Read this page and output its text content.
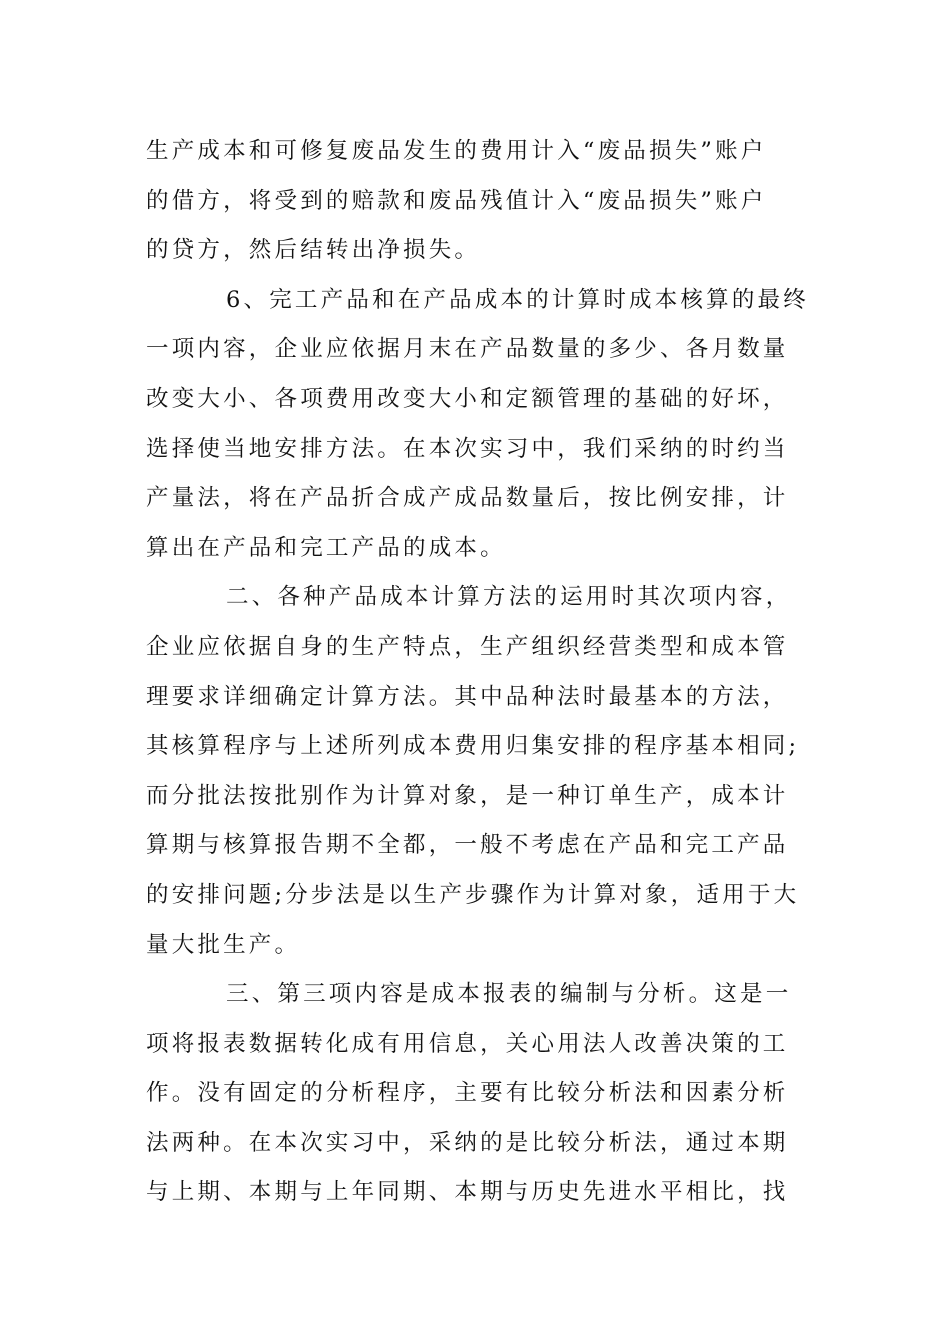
生产成本和可修复废品发生的费用计入“废品损失”账户
的借方，将受到的赔款和废品残值计入“废品损失”账户
的贷方，然后结转出净损失。
6、完工产品和在产品成本的计算时成本核算的最终
一项内容，企业应依据月末在产品数量的多少、各月数量
改变大小、各项费用改变大小和定额管理的基础的好坏，
选择使当地安排方法。在本次实习中，我们采纳的时约当
产量法，将在产品折合成产成品数量后，按比例安排，计
算出在产品和完工产品的成本。
二、各种产品成本计算方法的运用时其次项内容，
企业应依据自身的生产特点，生产组织经营类型和成本管
理要求详细确定计算方法。其中品种法时最基本的方法，
其核算程序与上述所列成本费用归集安排的程序基本相同;
而分批法按批别作为计算对象，是一种订单生产，成本计
算期与核算报告期不全都，一般不考虑在产品和完工产品
的安排问题;分步法是以生产步骤作为计算对象，适用于大
量大批生产。
三、第三项内容是成本报表的编制与分析。这是一
项将报表数据转化成有用信息，关心用法人改善决策的工
作。没有固定的分析程序，主要有比较分析法和因素分析
法两种。在本次实习中，采纳的是比较分析法，通过本期
与上期、本期与上年同期、本期与历史先进水平相比，找
